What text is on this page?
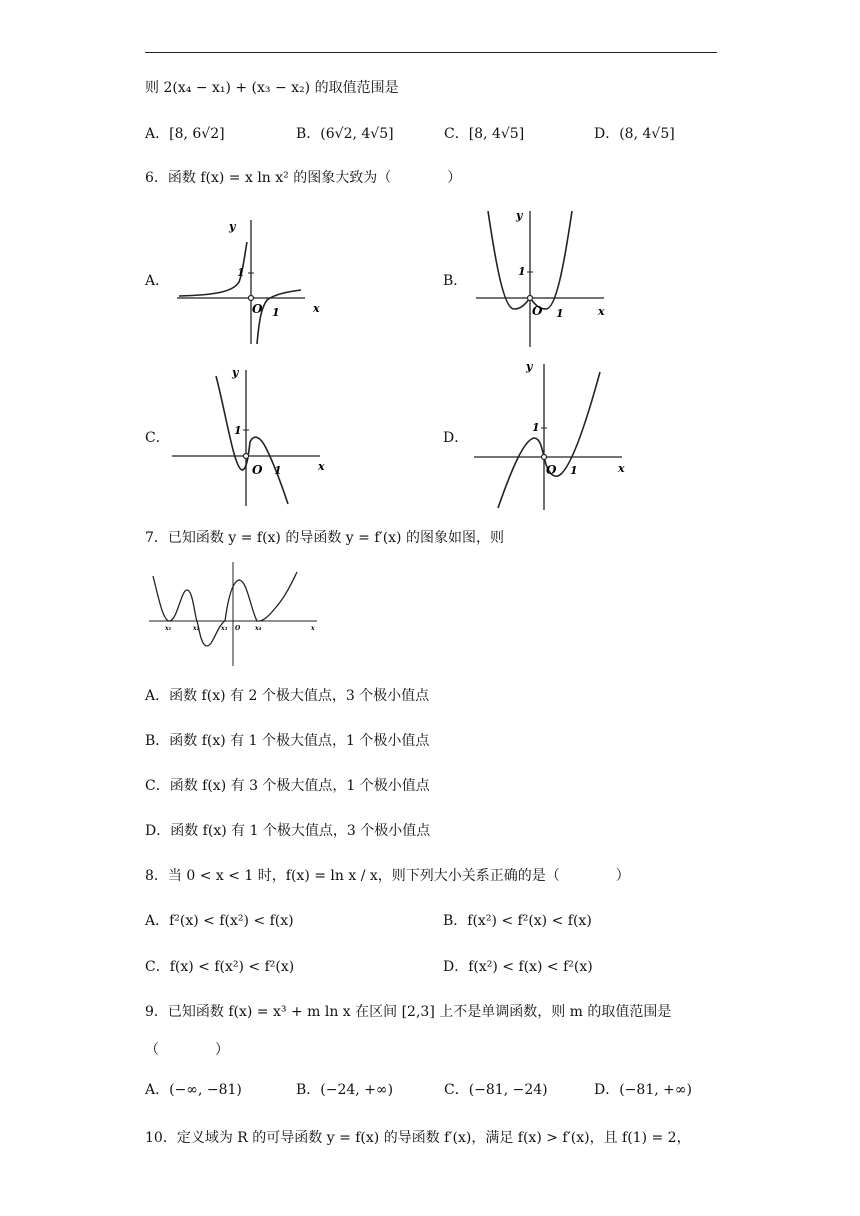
则 2(x₄ − x₁) + (x₃ − x₂) 的取值范围是
A．[8, 6√2]	B．(6√2, 4√5]	C．[8, 4√5]	D．(8, 4√5]
6．函数 f(x) = x ln x² 的图象大致为（　　　　）
A．
y
1
O 1	x
B．
y
1
O 1	x
C．
y
1
O 1	x
D．
y
1
O 1	x
7．已知函数 y = f(x) 的导函数 y = f′(x) 的图象如图，则
x₁	x₂	x₃ O x₄	x
A．函数 f(x) 有 2 个极大值点，3 个极小值点
B．函数 f(x) 有 1 个极大值点，1 个极小值点
C．函数 f(x) 有 3 个极大值点，1 个极小值点
D．函数 f(x) 有 1 个极大值点，3 个极小值点
8．当 0 < x < 1 时，f(x) = ln x / x，则下列大小关系正确的是（　　　　）
A．f²(x) < f(x²) < f(x)	B．f(x²) < f²(x) < f(x)
C．f(x) < f(x²) < f²(x)	D．f(x²) < f(x) < f²(x)
9．已知函数 f(x) = x³ + m ln x 在区间 [2,3] 上不是单调函数，则 m 的取值范围是
（　　　　）
A．(−∞, −81)	B．(−24, +∞)	C．(−81, −24)	D．(−81, +∞)
10．定义域为 R 的可导函数 y = f(x) 的导函数 f′(x)，满足 f(x) > f′(x)，且 f(1) = 2，
